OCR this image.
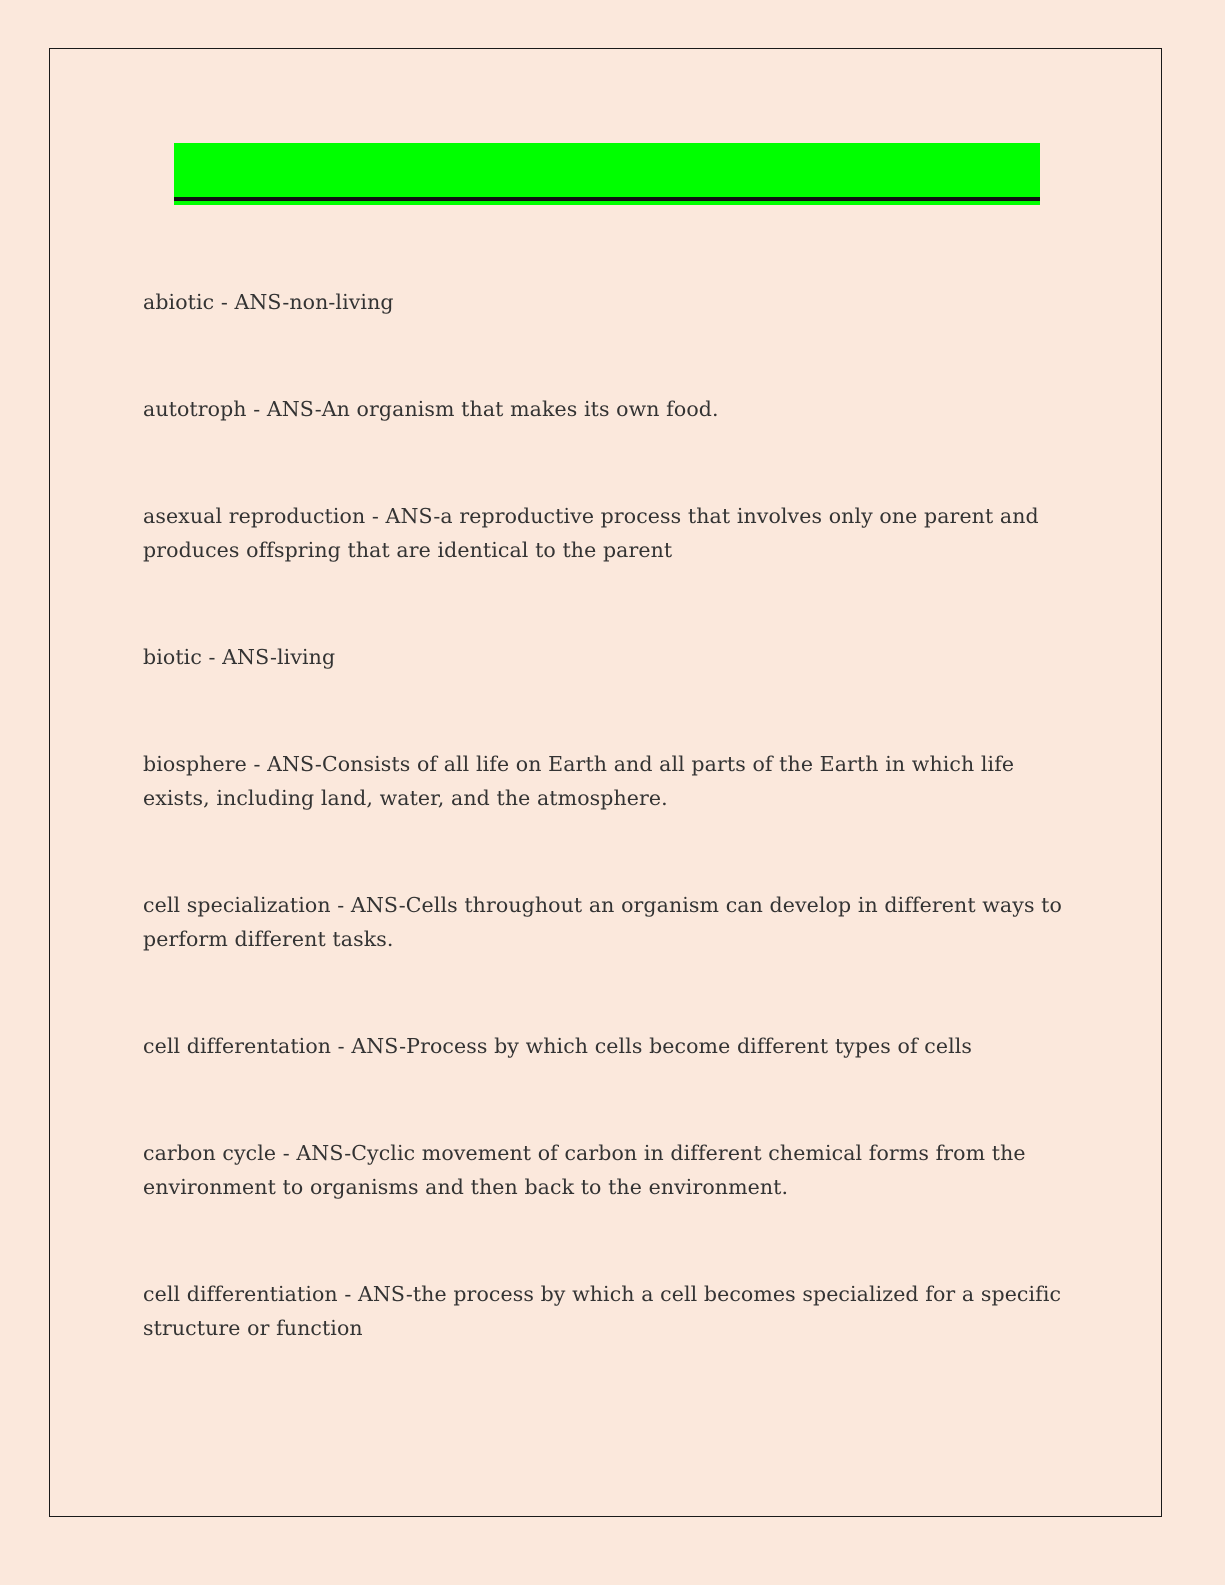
abiotic - ANS-non-living

autotroph - ANS-An organism that makes its own food.

asexual reproduction - ANS-a reproductive process that involves only one parent and produces offspring that are identical to the parent

biotic - ANS-living

biosphere - ANS-Consists of all life on Earth and all parts of the Earth in which life exists, including land, water, and the atmosphere.

cell specialization - ANS-Cells throughout an organism can develop in different ways to perform different tasks.

cell differentation - ANS-Process by which cells become different types of cells

carbon cycle - ANS-Cyclic movement of carbon in different chemical forms from the environment to organisms and then back to the environment.

cell differentiation - ANS-the process by which a cell becomes specialized for a specific structure or function
